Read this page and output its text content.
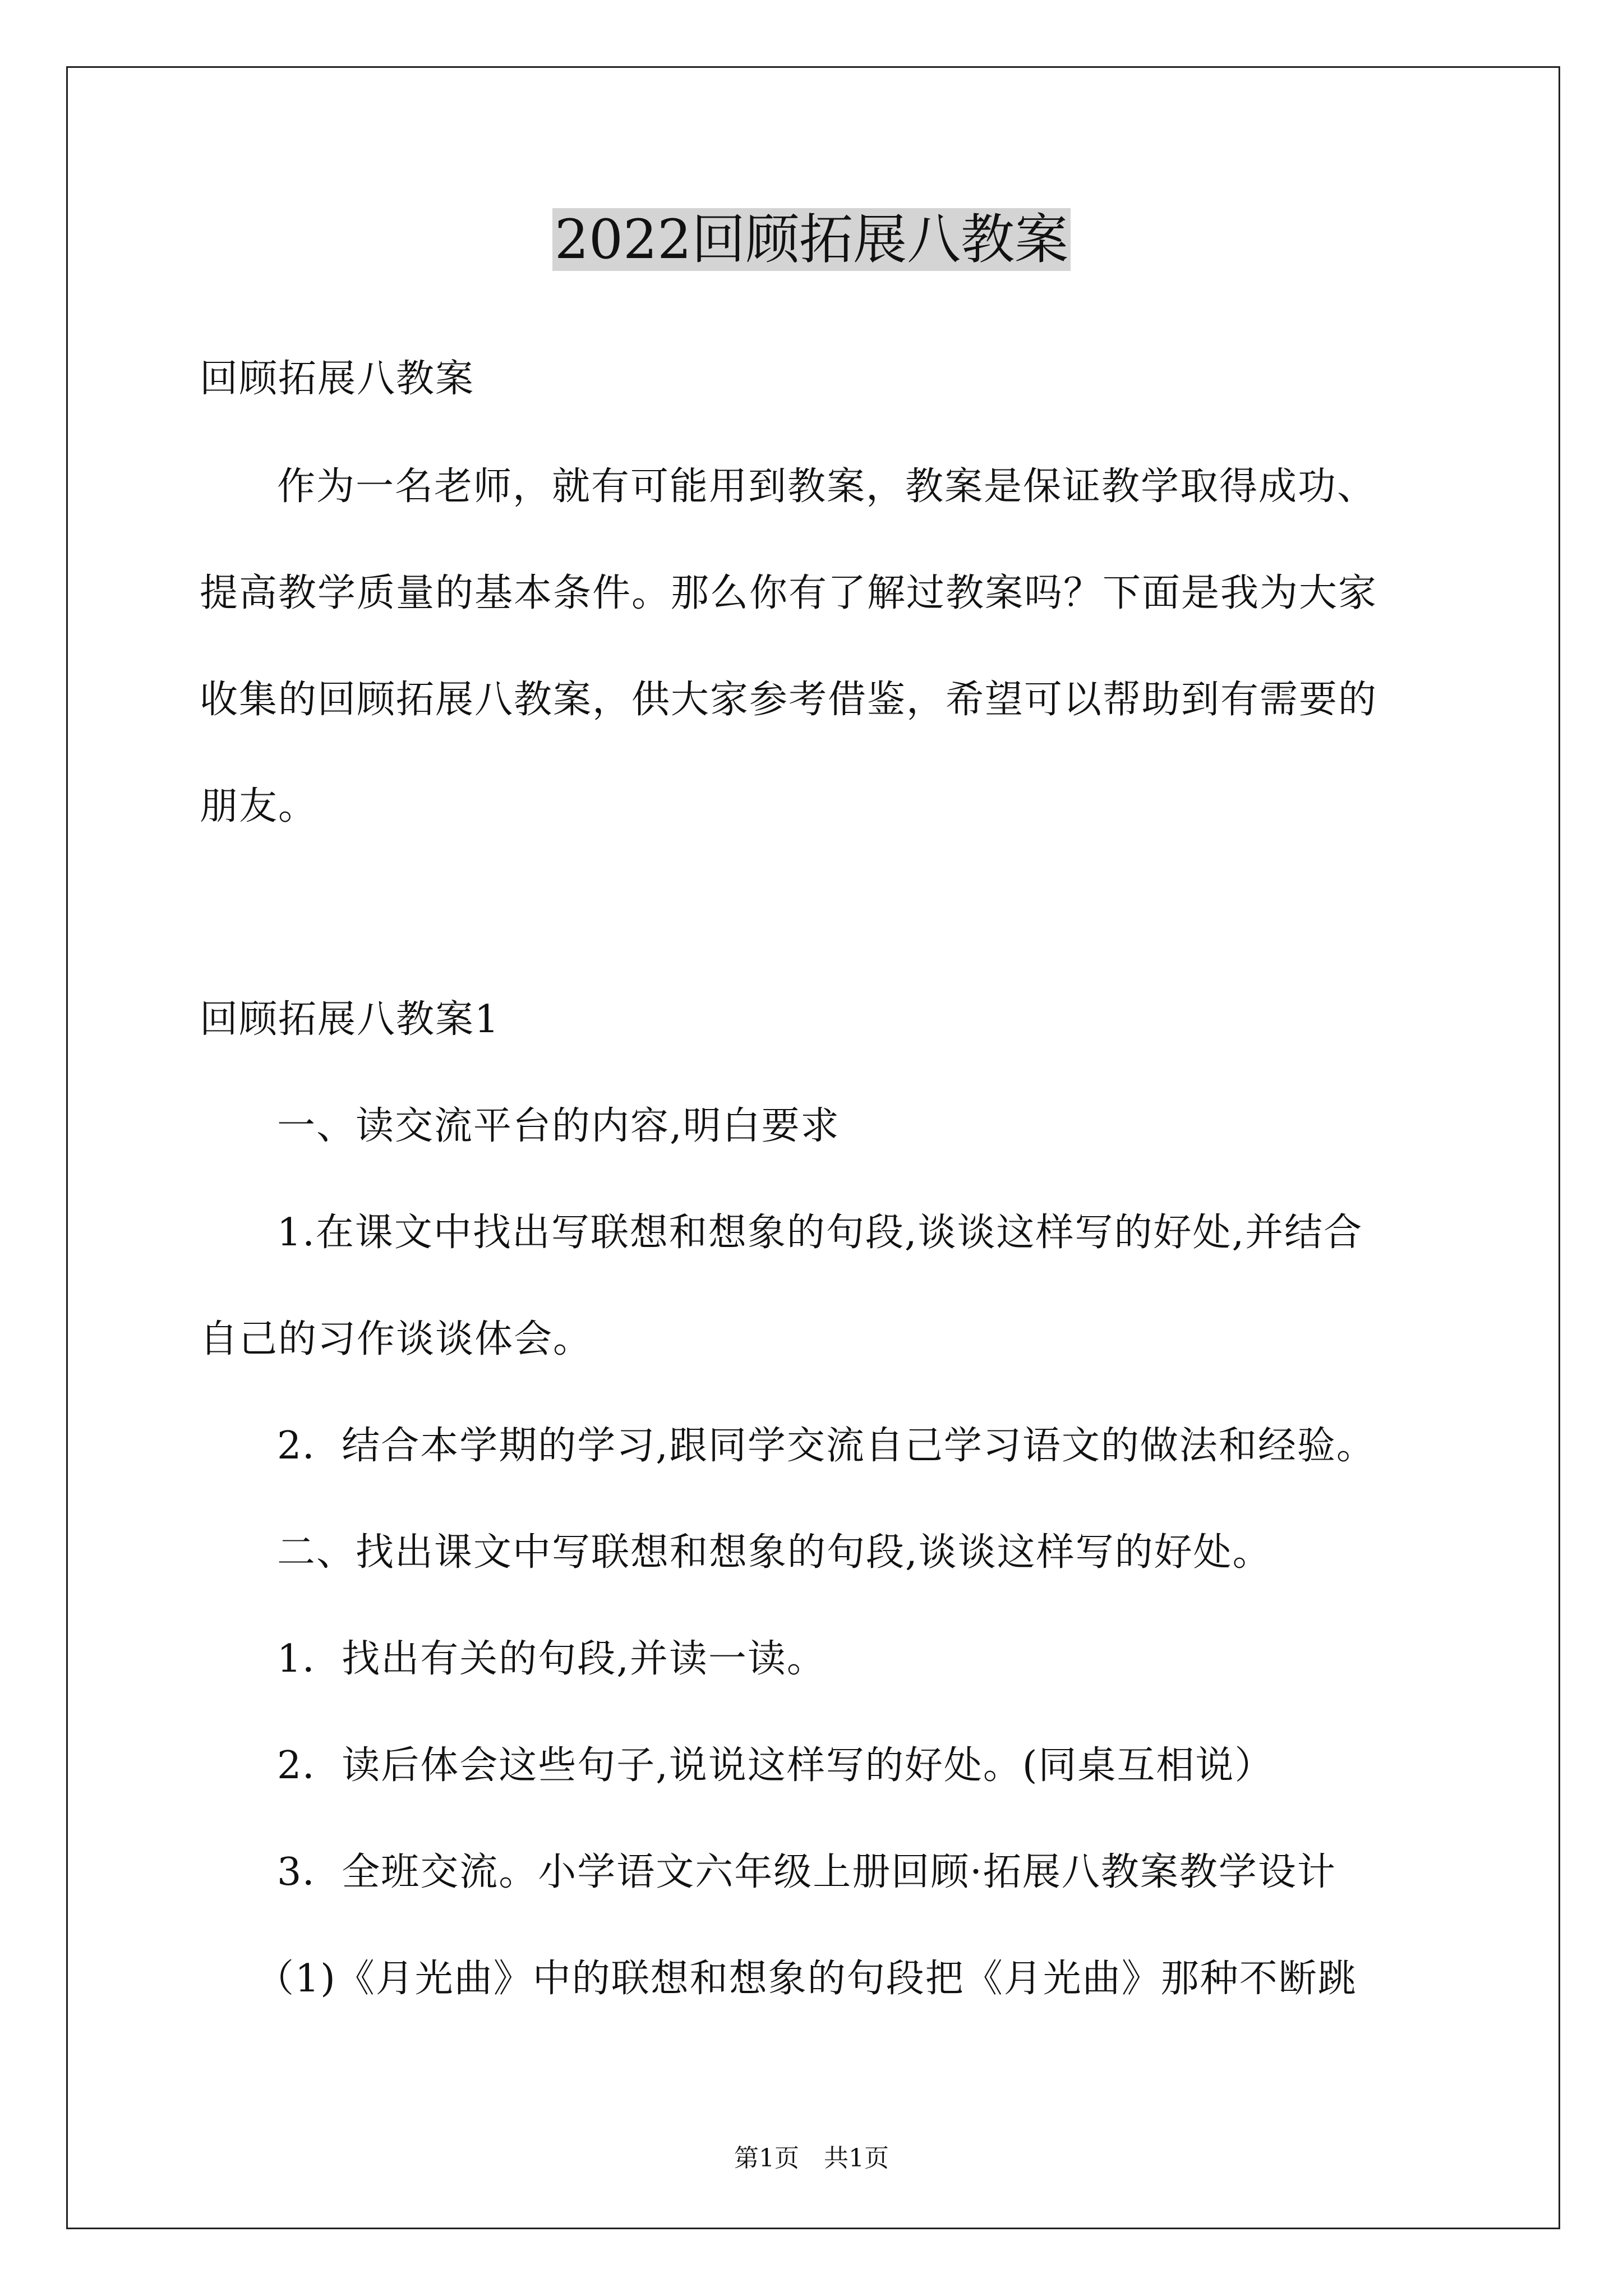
2022回顾拓展八教案
回顾拓展八教案
作为一名老师，就有可能用到教案，教案是保证教学取得成功、
提高教学质量的基本条件。那么你有了解过教案吗？下面是我为大家
收集的回顾拓展八教案，供大家参考借鉴，希望可以帮助到有需要的
朋友。
回顾拓展八教案1
一、读交流平台的内容,明白要求
1.在课文中找出写联想和想象的句段,谈谈这样写的好处,并结合
自己的习作谈谈体会。
2．结合本学期的学习,跟同学交流自己学习语文的做法和经验。
二、找出课文中写联想和想象的句段,谈谈这样写的好处。
1．找出有关的句段,并读一读。
2．读后体会这些句子,说说这样写的好处。(同桌互相说）
3．全班交流。小学语文六年级上册回顾·拓展八教案教学设计
（1)《月光曲》中的联想和想象的句段把《月光曲》那种不断跳
第1页　共1页
